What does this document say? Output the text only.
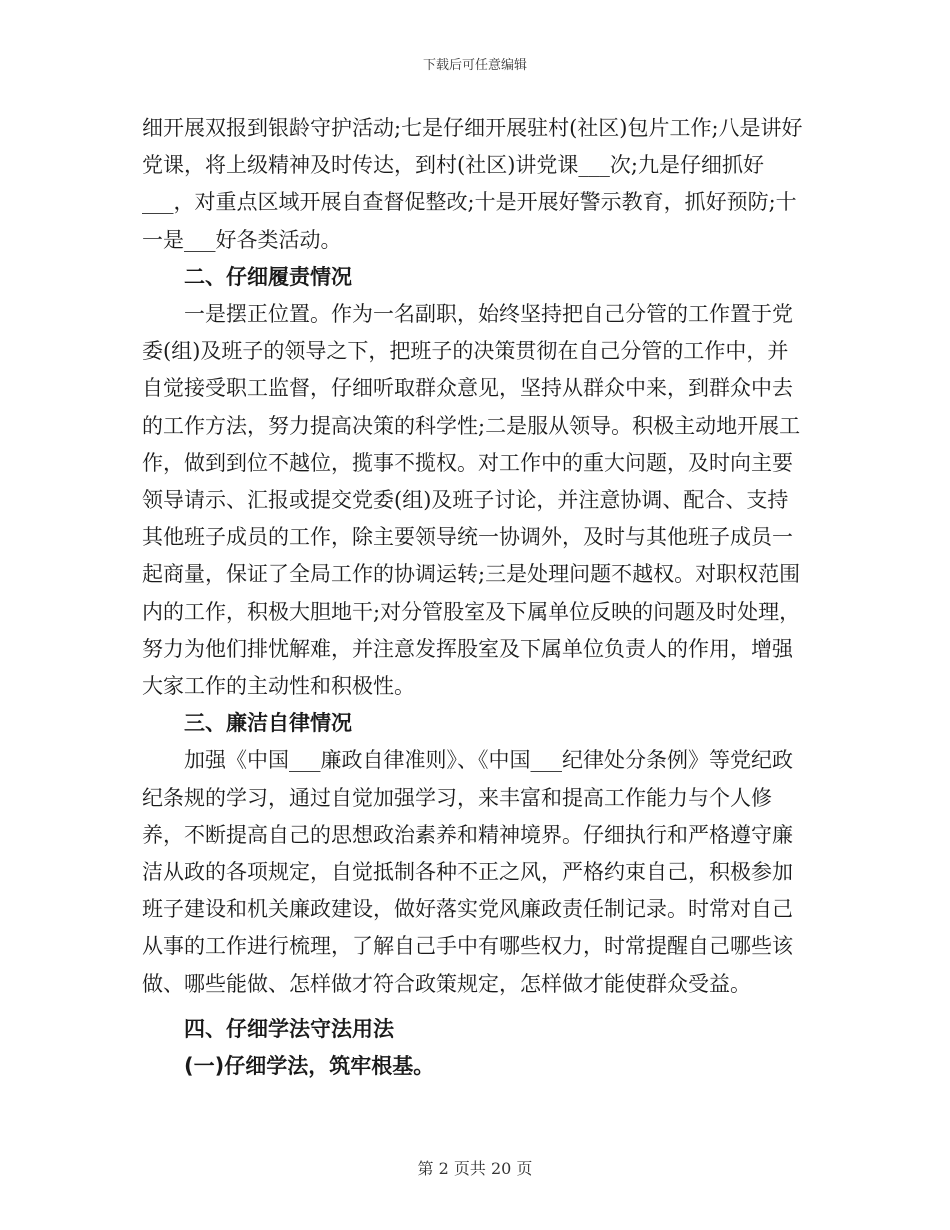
下载后可任意编辑

细开展双报到银龄守护活动;七是仔细开展驻村(社区)包片工作;八是讲好党课，将上级精神及时传达，到村(社区)讲党课___次;九是仔细抓好___，对重点区域开展自查督促整改;十是开展好警示教育，抓好预防;十一是___好各类活动。

二、仔细履责情况

一是摆正位置。作为一名副职，始终坚持把自己分管的工作置于党委(组)及班子的领导之下，把班子的决策贯彻在自己分管的工作中，并自觉接受职工监督，仔细听取群众意见，坚持从群众中来，到群众中去的工作方法，努力提高决策的科学性;二是服从领导。积极主动地开展工作，做到到位不越位，揽事不揽权。对工作中的重大问题，及时向主要领导请示、汇报或提交党委(组)及班子讨论，并注意协调、配合、支持其他班子成员的工作，除主要领导统一协调外，及时与其他班子成员一起商量，保证了全局工作的协调运转;三是处理问题不越权。对职权范围内的工作，积极大胆地干;对分管股室及下属单位反映的问题及时处理，努力为他们排忧解难，并注意发挥股室及下属单位负责人的作用，增强大家工作的主动性和积极性。

三、廉洁自律情况

加强《中国___廉政自律准则》、《中国___纪律处分条例》等党纪政纪条规的学习，通过自觉加强学习，来丰富和提高工作能力与个人修养，不断提高自己的思想政治素养和精神境界。仔细执行和严格遵守廉洁从政的各项规定，自觉抵制各种不正之风，严格约束自己，积极参加班子建设和机关廉政建设，做好落实党风廉政责任制记录。时常对自己从事的工作进行梳理，了解自己手中有哪些权力，时常提醒自己哪些该做、哪些能做、怎样做才符合政策规定，怎样做才能使群众受益。

四、仔细学法守法用法

(一)仔细学法，筑牢根基。

第 2 页共 20 页
